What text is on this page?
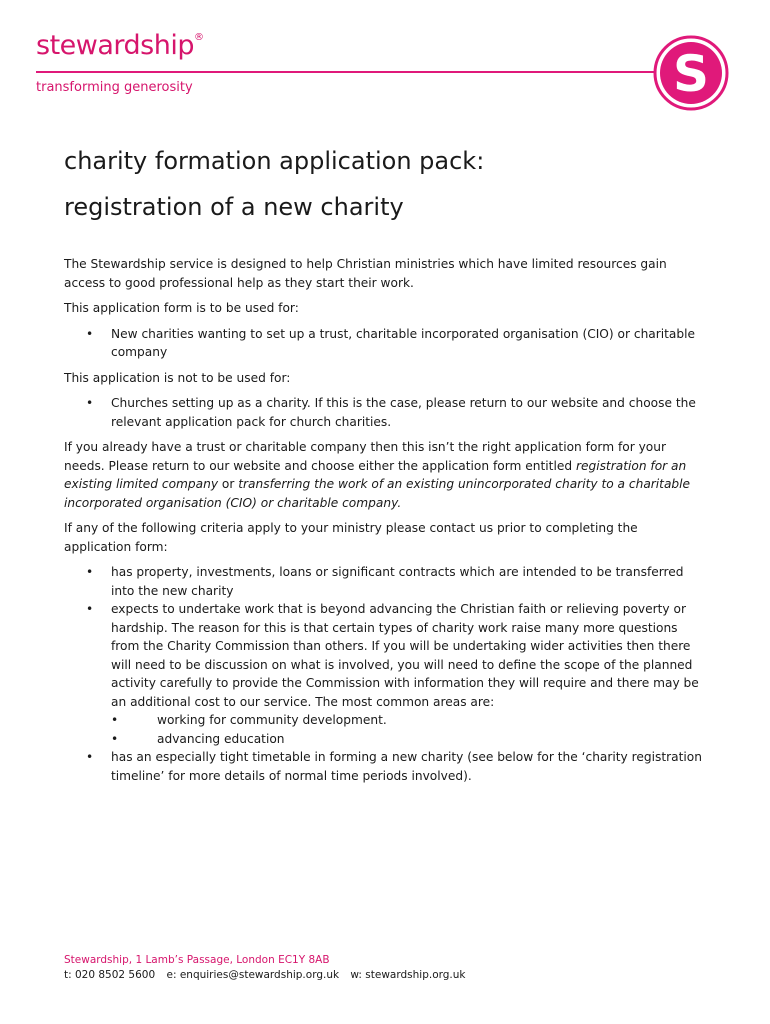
stewardship®
transforming generosity	S
charity formation application pack:
registration of a new charity

The Stewardship service is designed to help Christian ministries which have limited resources gain access to good professional help as they start their work.

This application form is to be used for:

• New charities wanting to set up a trust, charitable incorporated organisation (CIO) or charitable company

This application is not to be used for:

• Churches setting up as a charity. If this is the case, please return to our website and choose the relevant application pack for church charities.

If you already have a trust or charitable company then this isn’t the right application form for your needs. Please return to our website and choose either the application form entitled registration for an existing limited company or transferring the work of an existing unincorporated charity to a charitable incorporated organisation (CIO) or charitable company.

If any of the following criteria apply to your ministry please contact us prior to completing the application form:

• has property, investments, loans or significant contracts which are intended to be transferred into the new charity
• expects to undertake work that is beyond advancing the Christian faith or relieving poverty or hardship. The reason for this is that certain types of charity work raise many more questions from the Charity Commission than others. If you will be undertaking wider activities then there will need to be discussion on what is involved, you will need to define the scope of the planned activity carefully to provide the Commission with information they will require and there may be an additional cost to our service. The most common areas are:
• working for community development.
• advancing education
• has an especially tight timetable in forming a new charity (see below for the ‘charity registration timeline’ for more details of normal time periods involved).
Stewardship, 1 Lamb’s Passage, London EC1Y 8AB
t: 020 8502 5600 e: enquiries@stewardship.org.uk w: stewardship.org.uk
